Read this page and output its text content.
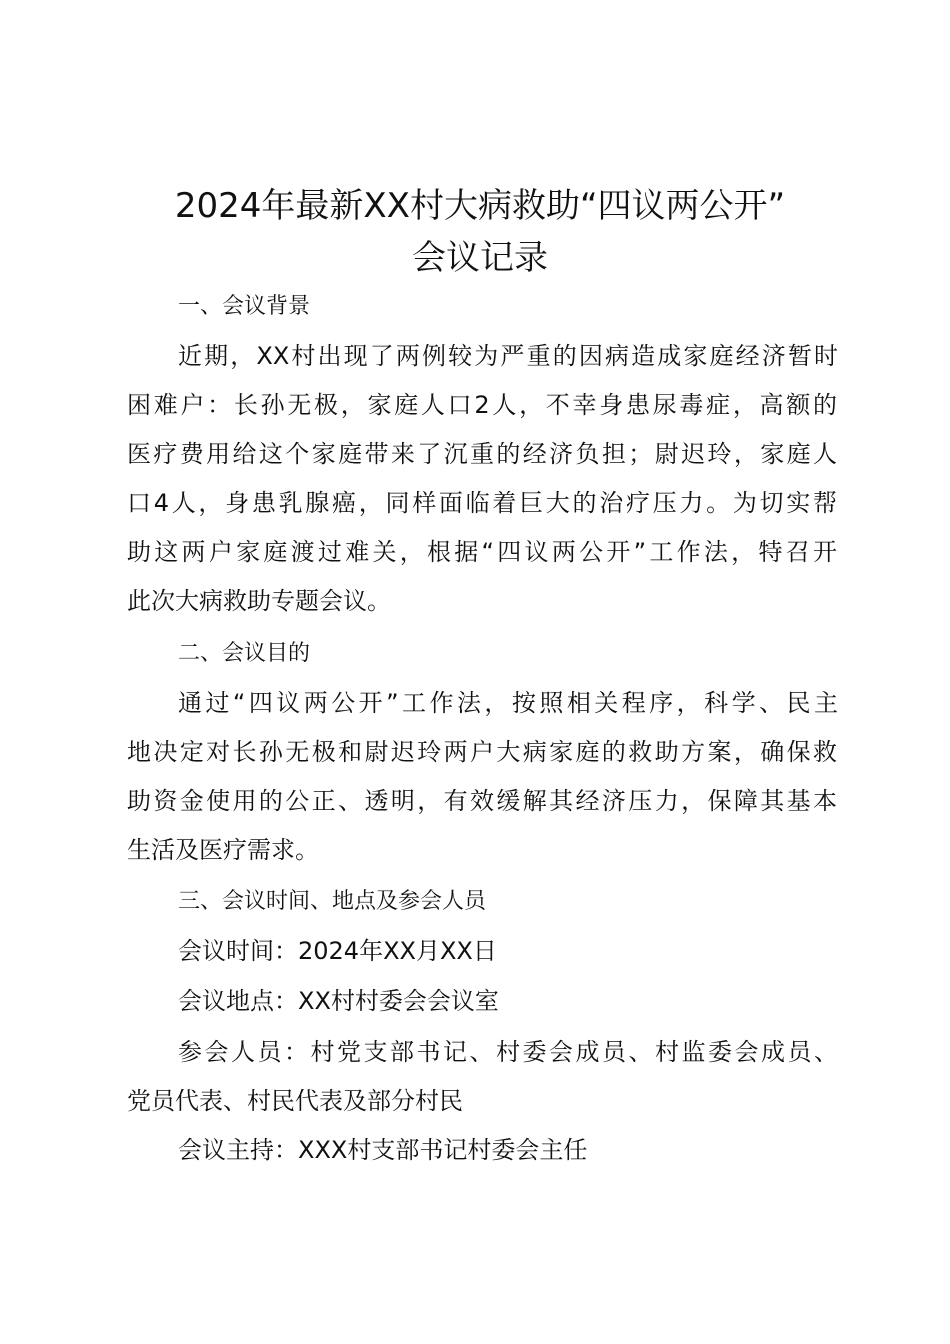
2024年最新XX村大病救助“四议两公开”
会议记录

一、会议背景

近期，XX村出现了两例较为严重的因病造成家庭经济暂时

困难户：长孙无极，家庭人口2人，不幸身患尿毒症，高额的

医疗费用给这个家庭带来了沉重的经济负担；尉迟玲，家庭人

口4人，身患乳腺癌，同样面临着巨大的治疗压力。为切实帮

助这两户家庭渡过难关，根据“四议两公开”工作法，特召开

此次大病救助专题会议。

二、会议目的

通过“四议两公开”工作法，按照相关程序，科学、民主

地决定对长孙无极和尉迟玲两户大病家庭的救助方案，确保救

助资金使用的公正、透明，有效缓解其经济压力，保障其基本

生活及医疗需求。

三、会议时间、地点及参会人员

会议时间：2024年XX月XX日

会议地点：XX村村委会会议室

参会人员：村党支部书记、村委会成员、村监委会成员、

党员代表、村民代表及部分村民

会议主持：XXX村支部书记村委会主任
